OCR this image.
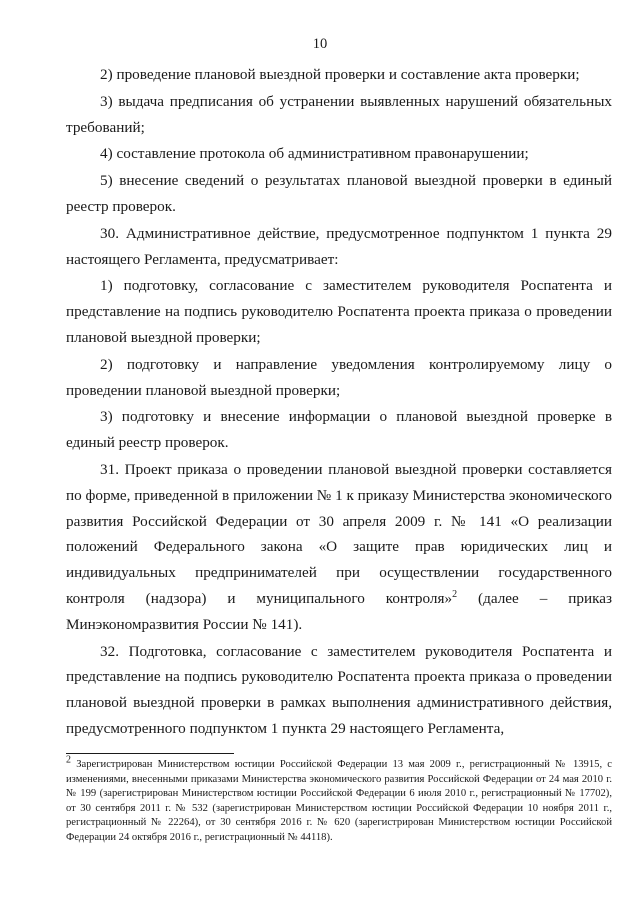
10

2) проведение плановой выездной проверки и составление акта проверки;

3) выдача предписания об устранении выявленных нарушений обязательных требований;

4) составление протокола об административном правонарушении;

5) внесение сведений о результатах плановой выездной проверки в единый реестр проверок.

30. Административное действие, предусмотренное подпунктом 1 пункта 29 настоящего Регламента, предусматривает:

1) подготовку, согласование с заместителем руководителя Роспатента и представление на подпись руководителю Роспатента проекта приказа о проведении плановой выездной проверки;

2) подготовку и направление уведомления контролируемому лицу о проведении плановой выездной проверки;

3) подготовку и внесение информации о плановой выездной проверке в единый реестр проверок.

31. Проект приказа о проведении плановой выездной проверки составляется по форме, приведенной в приложении № 1 к приказу Министерства экономического развития Российской Федерации от 30 апреля 2009 г. № 141 «О реализации положений Федерального закона «О защите прав юридических лиц и индивидуальных предпринимателей при осуществлении государственного контроля (надзора) и муниципального контроля»$^2$ (далее – приказ Минэкономразвития России № 141).

32. Подготовка, согласование с заместителем руководителя Роспатента и представление на подпись руководителю Роспатента проекта приказа о проведении плановой выездной проверки в рамках выполнения административного действия, предусмотренного подпунктом 1 пункта 29 настоящего Регламента,

$^2$ Зарегистрирован Министерством юстиции Российской Федерации 13 мая 2009 г., регистрационный № 13915, с изменениями, внесенными приказами Министерства экономического развития Российской Федерации от 24 мая 2010 г. № 199 (зарегистрирован Министерством юстиции Российской Федерации 6 июля 2010 г., регистрационный № 17702), от 30 сентября 2011 г. № 532 (зарегистрирован Министерством юстиции Российской Федерации 10 ноября 2011 г., регистрационный № 22264), от 30 сентября 2016 г. № 620 (зарегистрирован Министерством юстиции Российской Федерации 24 октября 2016 г., регистрационный № 44118).
